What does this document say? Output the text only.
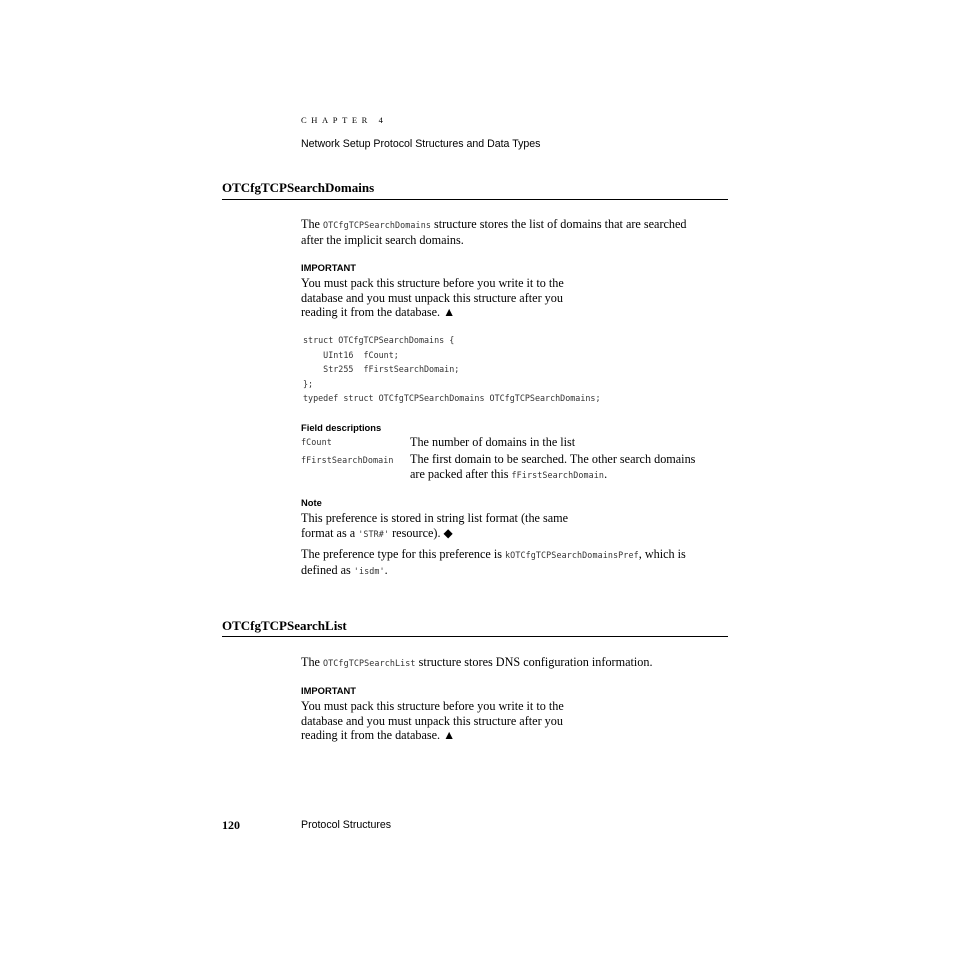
CHAPTER 4
Network Setup Protocol Structures and Data Types
OTCfgTCPSearchDomains
The OTCfgTCPSearchDomains structure stores the list of domains that are searched
after the implicit search domains.
IMPORTANT
You must pack this structure before you write it to the
database and you must unpack this structure after you
reading it from the database. ▲
struct OTCfgTCPSearchDomains {
UInt16  fCount;
Str255  fFirstSearchDomain;
};
typedef struct OTCfgTCPSearchDomains OTCfgTCPSearchDomains;
Field descriptions
fCount	The number of domains in the list
fFirstSearchDomain The first domain to be searched. The other search domains
are packed after this fFirstSearchDomain.
Note
This preference is stored in string list format (the same
format as a 'STR#' resource). ◆
The preference type for this preference is kOTCfgTCPSearchDomainsPref, which is
defined as 'isdm'.
OTCfgTCPSearchList
The OTCfgTCPSearchList structure stores DNS configuration information.
IMPORTANT
You must pack this structure before you write it to the
database and you must unpack this structure after you
reading it from the database. ▲
120	Protocol Structures
